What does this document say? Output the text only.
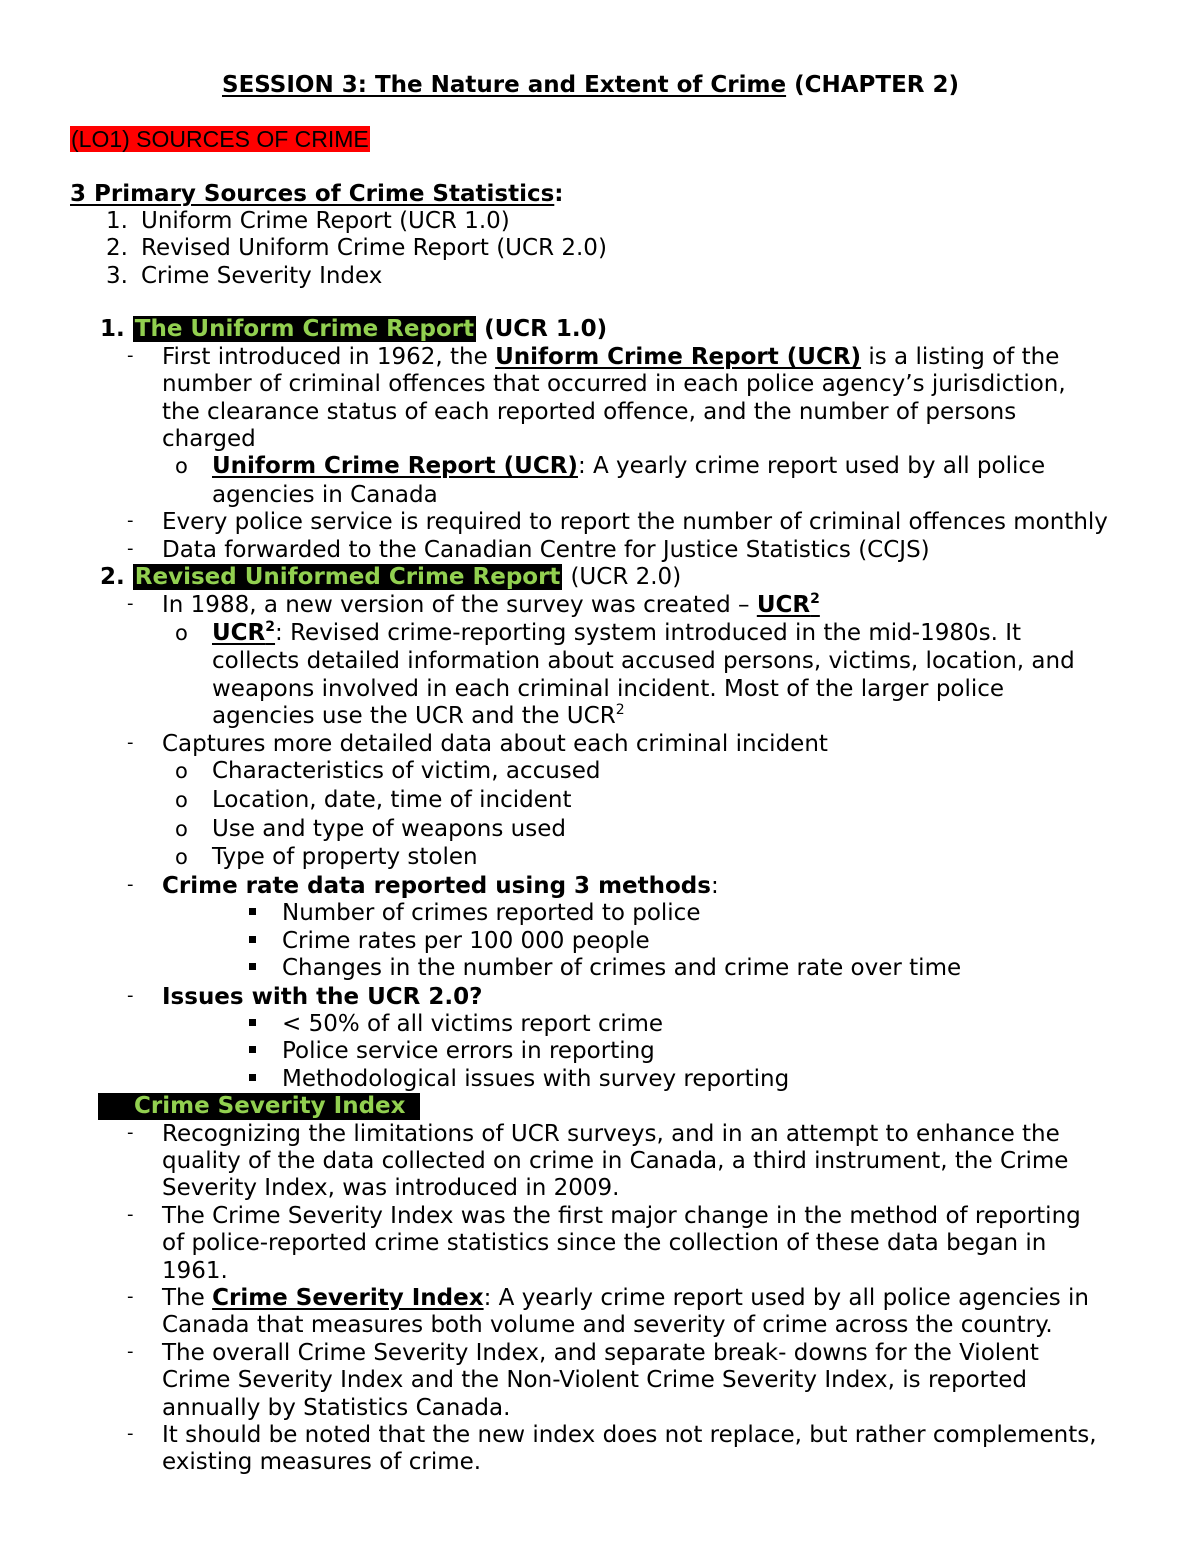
SESSION 3: The Nature and Extent of Crime (CHAPTER 2)
(LO1) SOURCES OF CRIME
3 Primary Sources of Crime Statistics:
1. Uniform Crime Report (UCR 1.0)
2. Revised Uniform Crime Report (UCR 2.0)
3. Crime Severity Index
1. The Uniform Crime Report (UCR 1.0)
- First introduced in 1962, the Uniform Crime Report (UCR) is a listing of the
number of criminal offences that occurred in each police agency’s jurisdiction,
the clearance status of each reported offence, and the number of persons
charged
o Uniform Crime Report (UCR): A yearly crime report used by all police
agencies in Canada
- Every police service is required to report the number of criminal offences monthly
- Data forwarded to the Canadian Centre for Justice Statistics (CCJS)
2. Revised Uniformed Crime Report (UCR 2.0)
- In 1988, a new version of the survey was created – UCR$^2$
o UCR$^2$: Revised crime-reporting system introduced in the mid-1980s. It
collects detailed information about accused persons, victims, location, and
weapons involved in each criminal incident. Most of the larger police
agencies use the UCR and the UCR$^2$
- Captures more detailed data about each criminal incident
o Characteristics of victim, accused
o Location, date, time of incident
o Use and type of weapons used
o Type of property stolen
- Crime rate data reported using 3 methods:
Number of crimes reported to police
Crime rates per 100 000 people
Changes in the number of crimes and crime rate over time
- Issues with the UCR 2.0?
< 50% of all victims report crime
Police service errors in reporting
Methodological issues with survey reporting
Crime Severity Index
- Recognizing the limitations of UCR surveys, and in an attempt to enhance the
quality of the data collected on crime in Canada, a third instrument, the Crime
Severity Index, was introduced in 2009.
- The Crime Severity Index was the first major change in the method of reporting
of police-reported crime statistics since the collection of these data began in
1961.
- The Crime Severity Index: A yearly crime report used by all police agencies in
Canada that measures both volume and severity of crime across the country.
- The overall Crime Severity Index, and separate break- downs for the Violent
Crime Severity Index and the Non-Violent Crime Severity Index, is reported
annually by Statistics Canada.
- It should be noted that the new index does not replace, but rather complements,
existing measures of crime.
